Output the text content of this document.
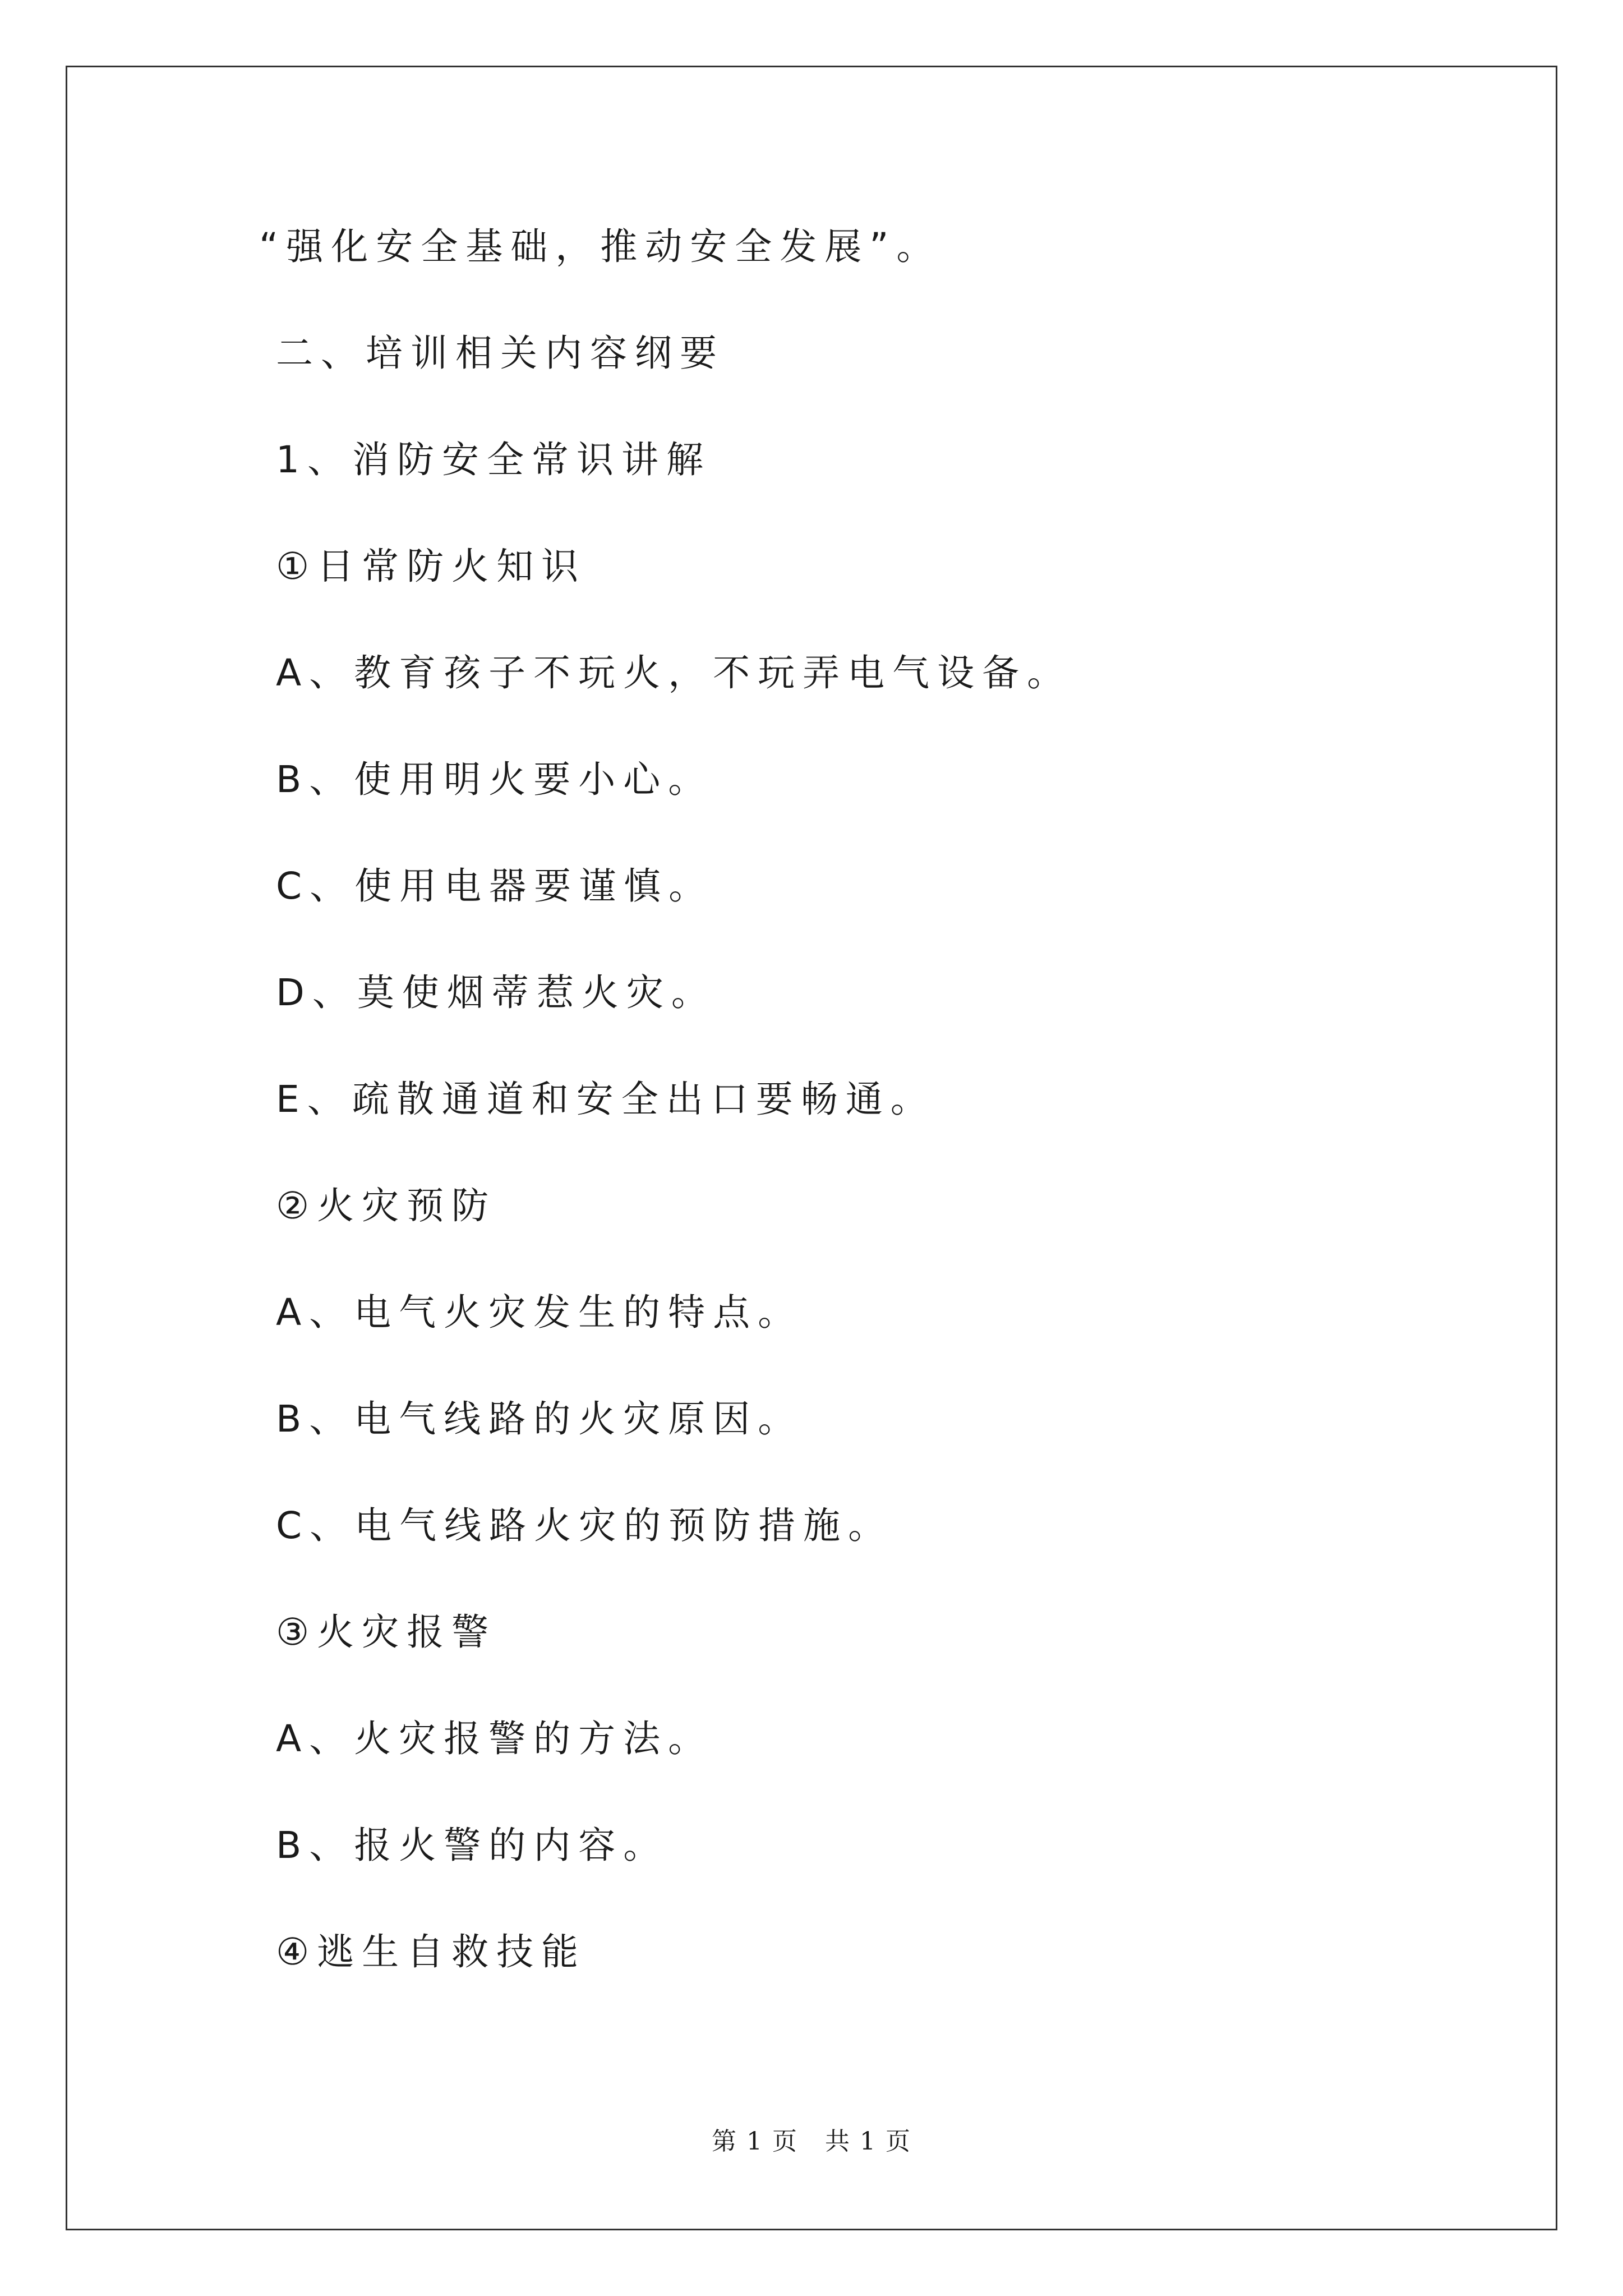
“强化安全基础，推动安全发展”。
二、培训相关内容纲要
1、消防安全常识讲解
①日常防火知识
A、教育孩子不玩火，不玩弄电气设备。
B、使用明火要小心。
C、使用电器要谨慎。
D、莫使烟蒂惹火灾。
E、疏散通道和安全出口要畅通。
②火灾预防
A、电气火灾发生的特点。
B、电气线路的火灾原因。
C、电气线路火灾的预防措施。
③火灾报警
A、火灾报警的方法。
B、报火警的内容。
④逃生自救技能
第 1 页   共 1 页
